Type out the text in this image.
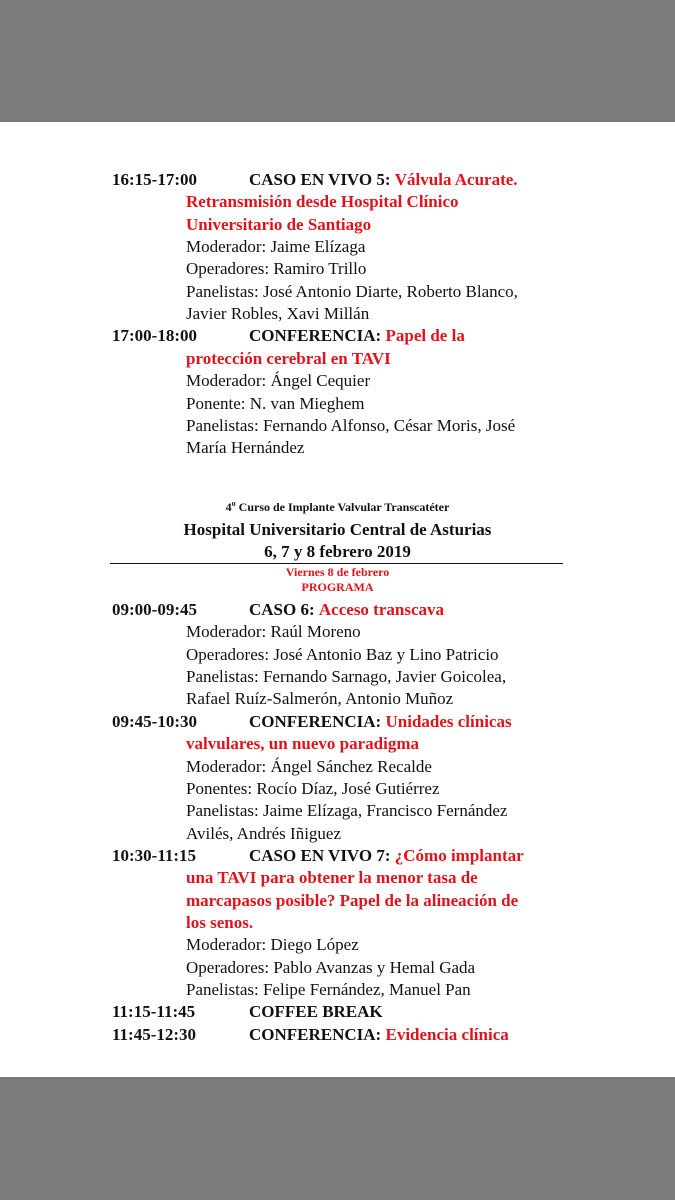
16:15-17:00	CASO EN VIVO 5: Válvula Acurate.
Retransmisión desde Hospital Clínico
Universitario de Santiago
Moderador: Jaime Elízaga
Operadores: Ramiro Trillo
Panelistas: José Antonio Diarte, Roberto Blanco,
Javier Robles, Xavi Millán
17:00-18:00	CONFERENCIA: Papel de la
protección cerebral en TAVI
Moderador: Ángel Cequier
Ponente: N. van Mieghem
Panelistas: Fernando Alfonso, César Moris, José
María Hernández
4$^o$ Curso de Implante Valvular Transcatéter
Hospital Universitario Central de Asturias
6, 7 y 8 febrero 2019
Viernes 8 de febrero
PROGRAMA
09:00-09:45	CASO 6: Acceso transcava
Moderador: Raúl Moreno
Operadores: José Antonio Baz y Lino Patricio
Panelistas: Fernando Sarnago, Javier Goicolea,
Rafael Ruíz-Salmerón, Antonio Muñoz
09:45-10:30	CONFERENCIA: Unidades clínicas
valvulares, un nuevo paradigma
Moderador: Ángel Sánchez Recalde
Ponentes: Rocío Díaz, José Gutiérrez
Panelistas: Jaime Elízaga, Francisco Fernández
Avilés, Andrés Iñiguez
10:30-11:15	CASO EN VIVO 7: ¿Cómo implantar
una TAVI para obtener la menor tasa de
marcapasos posible? Papel de la alineación de
los senos.
Moderador: Diego López
Operadores: Pablo Avanzas y Hemal Gada
Panelistas: Felipe Fernández, Manuel Pan
11:15-11:45	COFFEE BREAK
11:45-12:30	CONFERENCIA: Evidencia clínica
